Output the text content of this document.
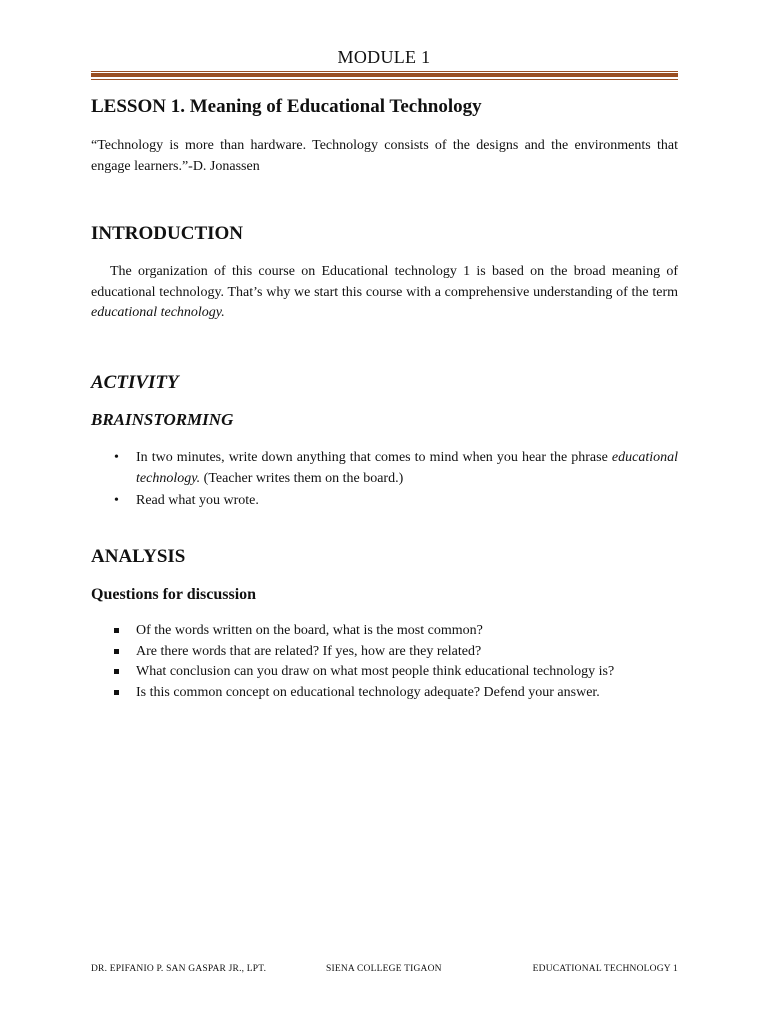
MODULE 1
LESSON 1. Meaning of Educational Technology
“Technology is more than hardware. Technology consists of the designs and the environments that engage learners.”-D. Jonassen
INTRODUCTION
The organization of this course on Educational technology 1 is based on the broad meaning of educational technology. That’s why we start this course with a comprehensive understanding of the term educational technology.
ACTIVITY
BRAINSTORMING
• In two minutes, write down anything that comes to mind when you hear the phrase educational technology. (Teacher writes them on the board.)
• Read what you wrote.
ANALYSIS
Questions for discussion
Of the words written on the board, what is the most common?
Are there words that are related? If yes, how are they related?
What conclusion can you draw on what most people think educational technology is?
Is this common concept on educational technology adequate? Defend your answer.
DR. EPIFANIO P. SAN GASPAR JR., LPT.	SIENA COLLEGE TIGAON	EDUCATIONAL TECHNOLOGY 1
